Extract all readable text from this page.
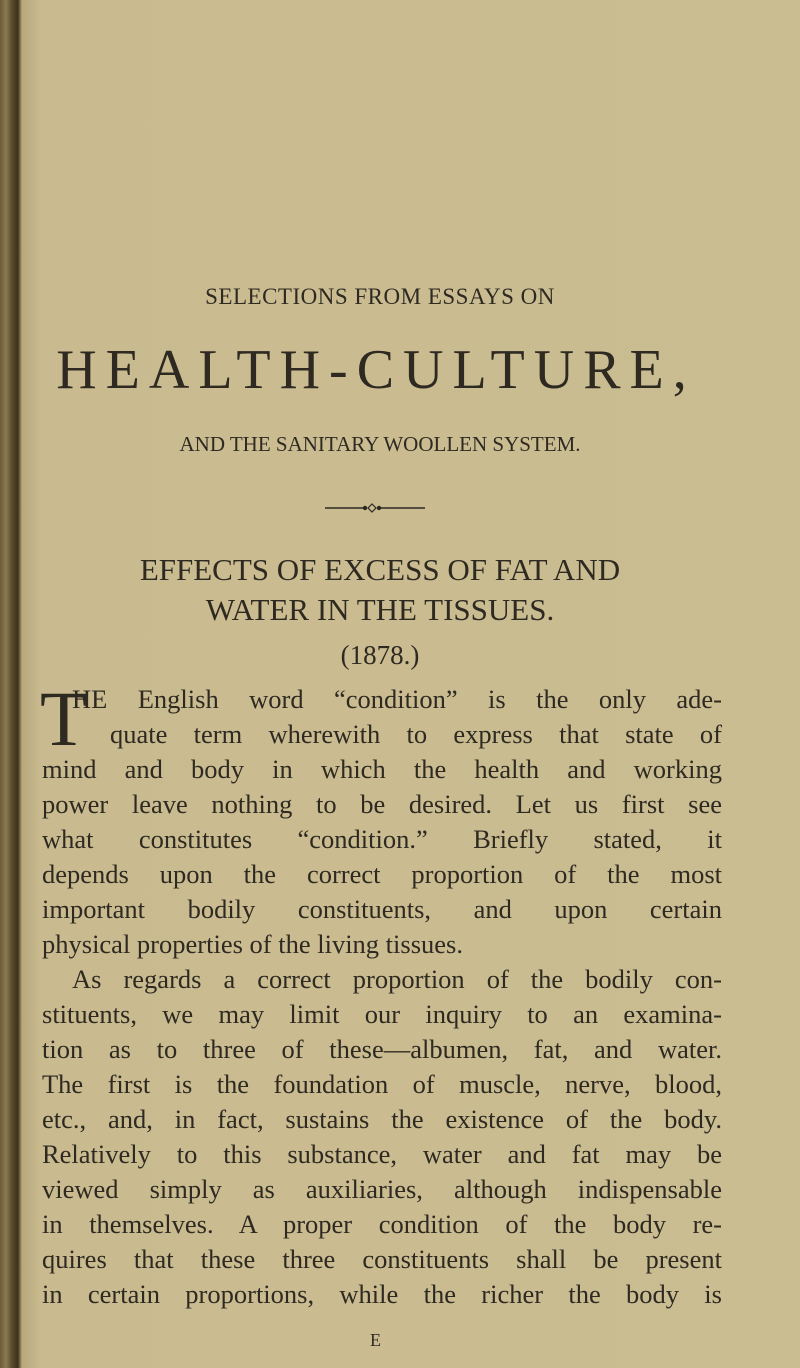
SELECTIONS FROM ESSAYS ON
HEALTH-CULTURE,
AND THE SANITARY WOOLLEN SYSTEM.
EFFECTS OF EXCESS OF FAT AND
WATER IN THE TISSUES.
(1878.)
T
HE English word “condition” is the only ade-
quate term wherewith to express that state of
mind and body in which the health and working
power leave nothing to be desired. Let us first see
what constitutes “condition.” Briefly stated, it
depends upon the correct proportion of the most
important bodily constituents, and upon certain
physical properties of the living tissues.
As regards a correct proportion of the bodily con-
stituents, we may limit our inquiry to an examina-
tion as to three of these—albumen, fat, and water.
The first is the foundation of muscle, nerve, blood,
etc., and, in fact, sustains the existence of the body.
Relatively to this substance, water and fat may be
viewed simply as auxiliaries, although indispensable
in themselves. A proper condition of the body re-
quires that these three constituents shall be present
in certain proportions, while the richer the body is
E
